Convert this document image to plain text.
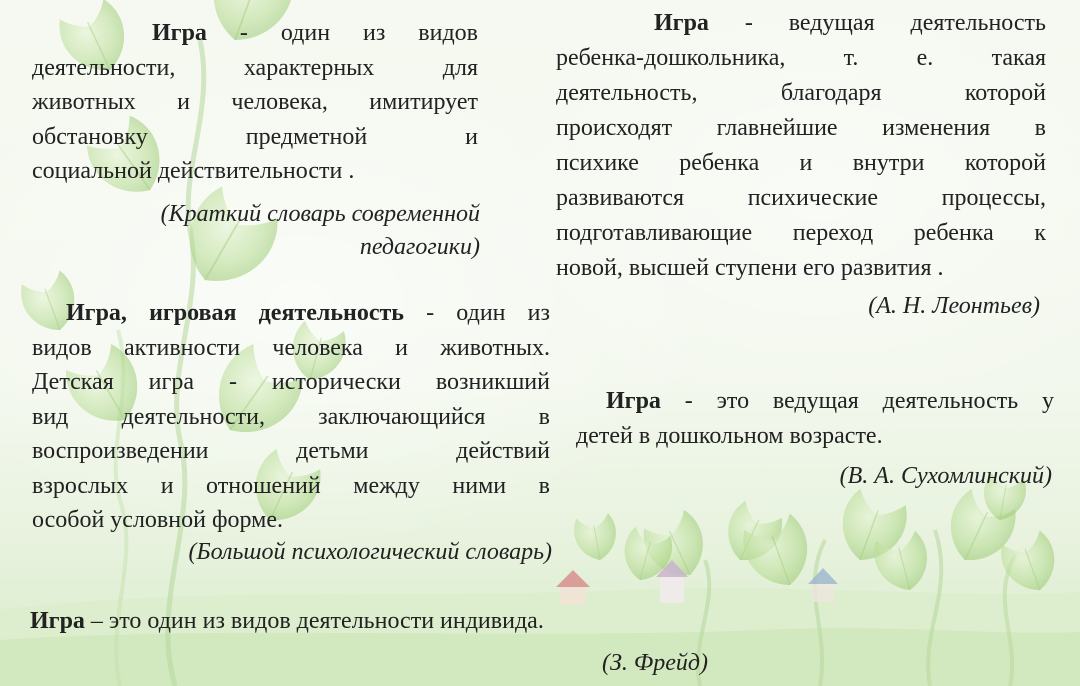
Игра - один из видов

деятельности, характерных для

животных и человека, имитирует

обстановку предметной и

социальной действительности .

(Краткий словарь современной
педагогики)

Игра - ведущая деятельность

ребенка-дошкольника, т. е. такая

деятельность, благодаря которой

происходят главнейшие изменения в

психике ребенка и внутри которой

развиваются психические процессы,

подготавливающие переход ребенка к

новой, высшей ступени его развития .

(А. Н. Леонтьев)

Игра, игровая деятельность - один из

видов активности человека и животных.

Детская игра - исторически возникший

вид деятельности, заключающийся в

воспроизведении детьми действий

взрослых и отношений между ними в

особой условной форме.

(Большой психологический словарь)

Игра - это ведущая деятельность у

детей в дошкольном возрасте.

(В. А. Сухомлинский)

Игра – это один из видов деятельности индивида.

(З. Фрейд)
